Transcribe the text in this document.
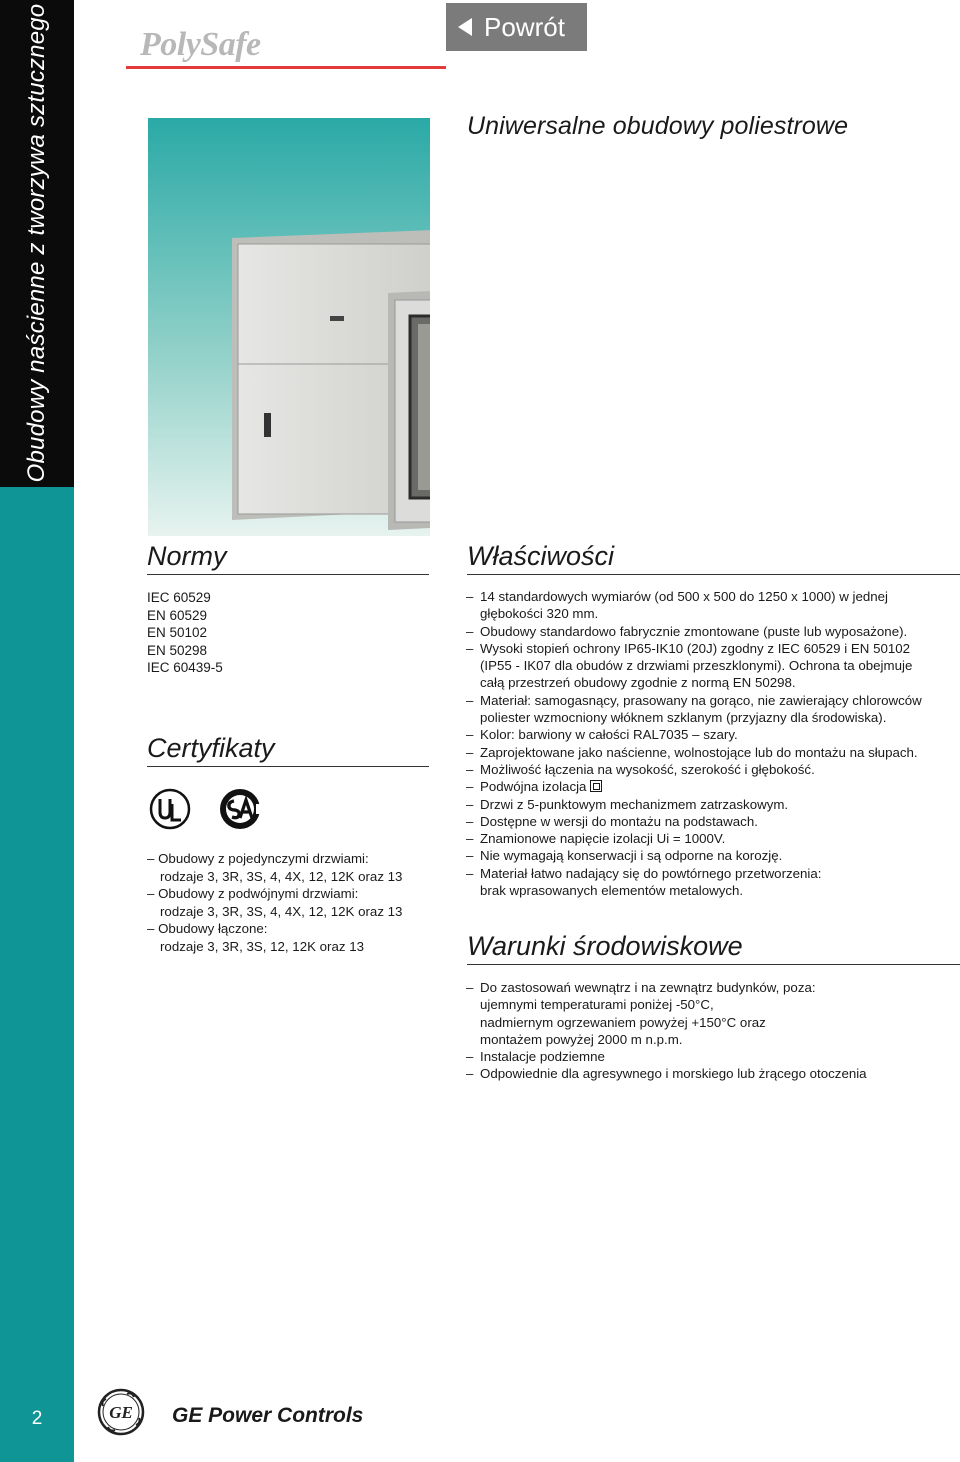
Obudowy naścienne z tworzywa sztucznego
2
PolySafe	Powrót
Uniwersalne obudowy poliestrowe
Normy
IEC 60529
EN 60529
EN 50102
EN 50298
IEC 60439-5
Certyfikaty
– Obudowy z pojedynczymi drzwiami:
rodzaje 3, 3R, 3S, 4, 4X, 12, 12K oraz 13
– Obudowy z podwójnymi drzwiami:
rodzaje 3, 3R, 3S, 4, 4X, 12, 12K oraz 13
– Obudowy łączone:
rodzaje 3, 3R, 3S, 12, 12K oraz 13
Właściwości
– 14 standardowych wymiarów (od 500 x 500 do 1250 x 1000) w jednej
głębokości 320 mm.
– Obudowy standardowo fabrycznie zmontowane (puste lub wyposażone).
– Wysoki stopień ochrony IP65-IK10 (20J) zgodny z IEC 60529 i EN 50102
(IP55 - IK07 dla obudów z drzwiami przeszklonymi). Ochrona ta obejmuje
całą przestrzeń obudowy zgodnie z normą EN 50298.
– Materiał: samogasnący, prasowany na gorąco, nie zawierający chlorowców
poliester wzmocniony włóknem szklanym (przyjazny dla środowiska).
– Kolor: barwiony w całości RAL7035 – szary.
– Zaprojektowane jako naścienne, wolnostojące lub do montażu na słupach.
– Możliwość łączenia na wysokość, szerokość i głębokość.
– Podwójna izolacja
– Drzwi z 5-punktowym mechanizmem zatrzaskowym.
– Dostępne w wersji do montażu na podstawach.
– Znamionowe napięcie izolacji Ui = 1000V.
– Nie wymagają konserwacji i są odporne na korozję.
– Materiał łatwo nadający się do powtórnego przetworzenia:
brak wprasowanych elementów metalowych.
Warunki środowiskowe
– Do zastosowań wewnątrz i na zewnątrz budynków, poza:
ujemnymi temperaturami poniżej -50°C,
nadmiernym ogrzewaniem powyżej +150°C oraz
montażem powyżej 2000 m n.p.m.
– Instalacje podziemne
– Odpowiednie dla agresywnego i morskiego lub żrącego otoczenia
GE GE Power Controls
